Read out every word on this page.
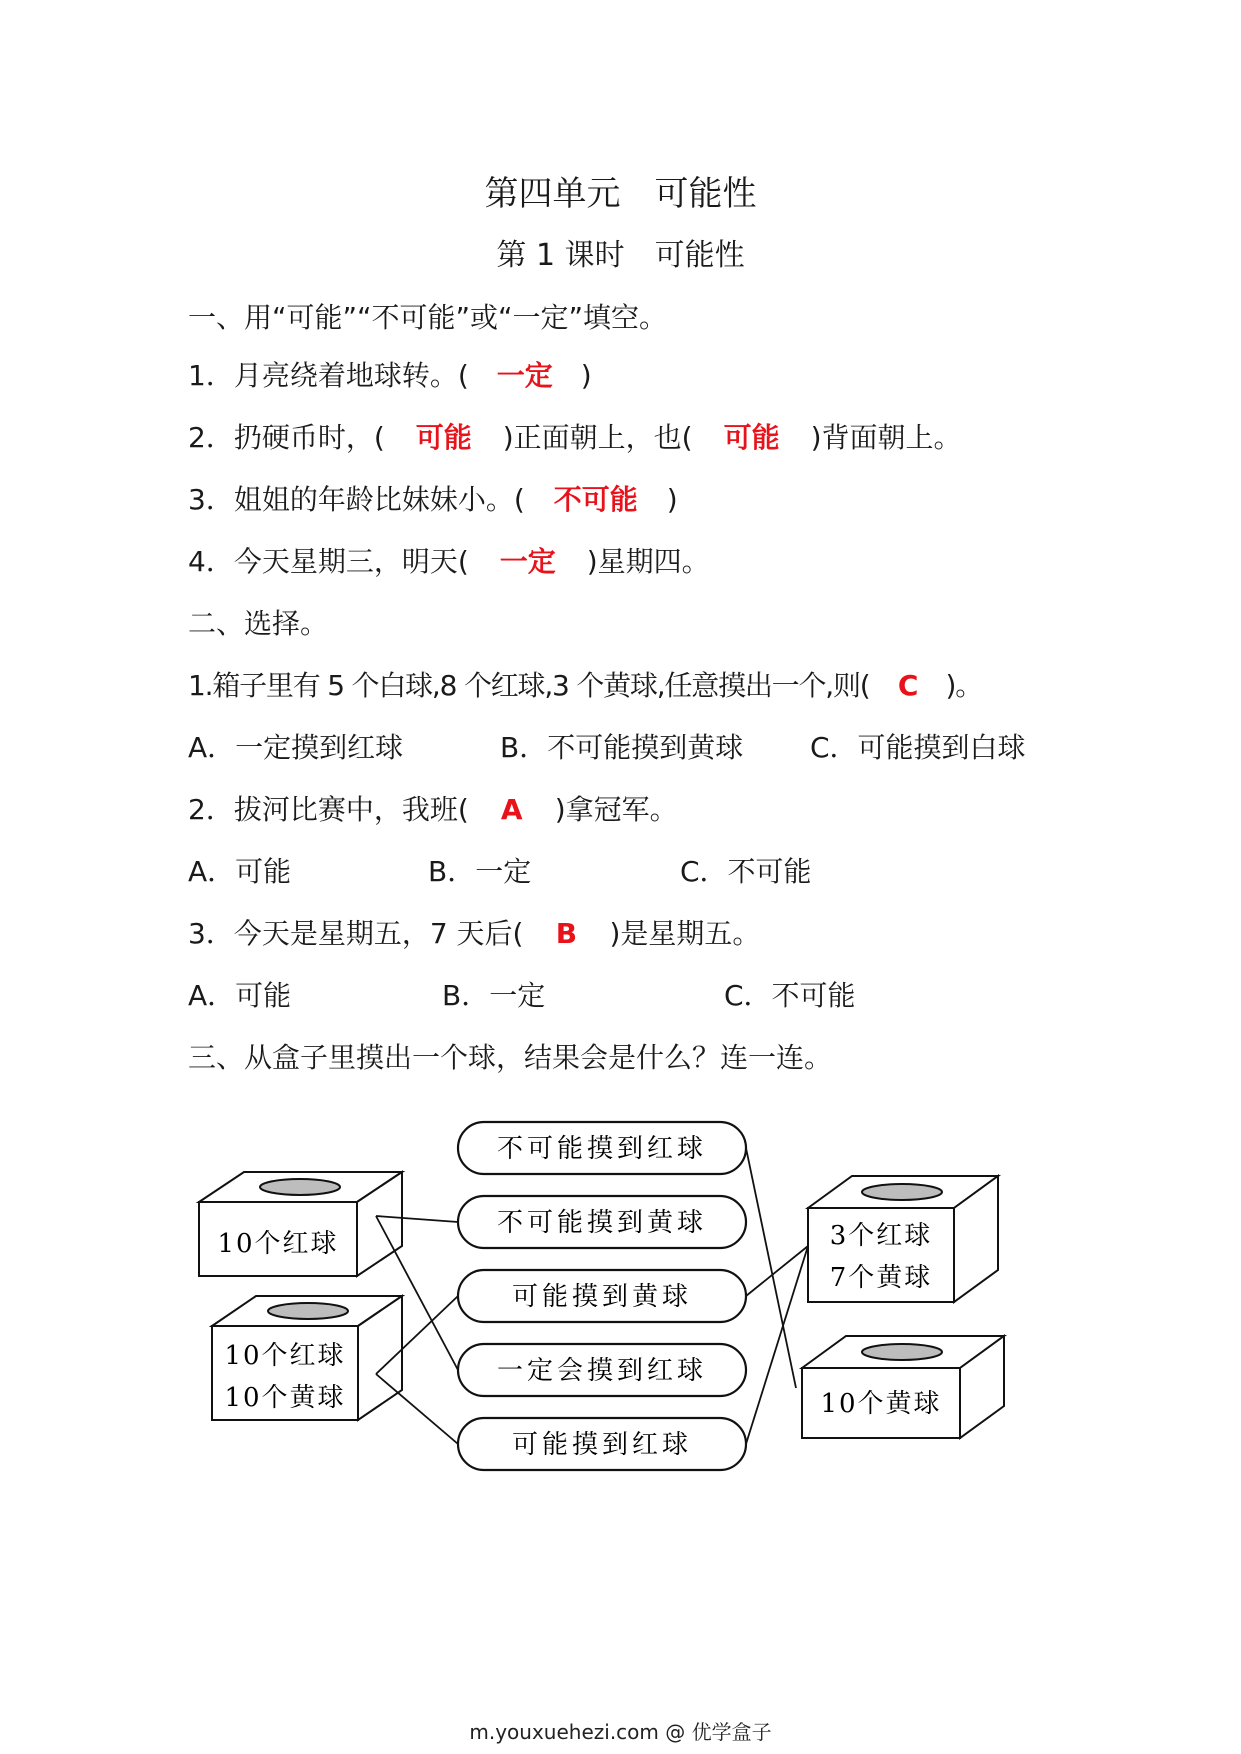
第四单元　可能性
第 1 课时　可能性
一、用“可能”“不可能”或“一定”填空。
1．月亮绕着地球转。( 一定 )
2．扔硬币时，( 可能 )正面朝上，也( 可能 )背面朝上。
3．姐姐的年龄比妹妹小。( 不可能 )
4．今天星期三，明天( 一定 )星期四。
二、选择。
1.箱子里有 5 个白球,8 个红球,3 个黄球,任意摸出一个,则( C )。
A．一定摸到红球	B．不可能摸到黄球 C．可能摸到白球
2．拔河比赛中，我班( A )拿冠军。
A．可能	B．一定	C．不可能
3．今天是星期五，7 天后( B )是星期五。
A．可能	B．一定	C．不可能
三、从盒子里摸出一个球，结果会是什么？连一连。
不可能摸到红球
不可能摸到黄球
可能摸到黄球
一定会摸到红球
可能摸到红球
10个红球
10个红球
10个黄球
3个红球
7个黄球
10个黄球
m.youxuehezi.com @ 优学盒子
